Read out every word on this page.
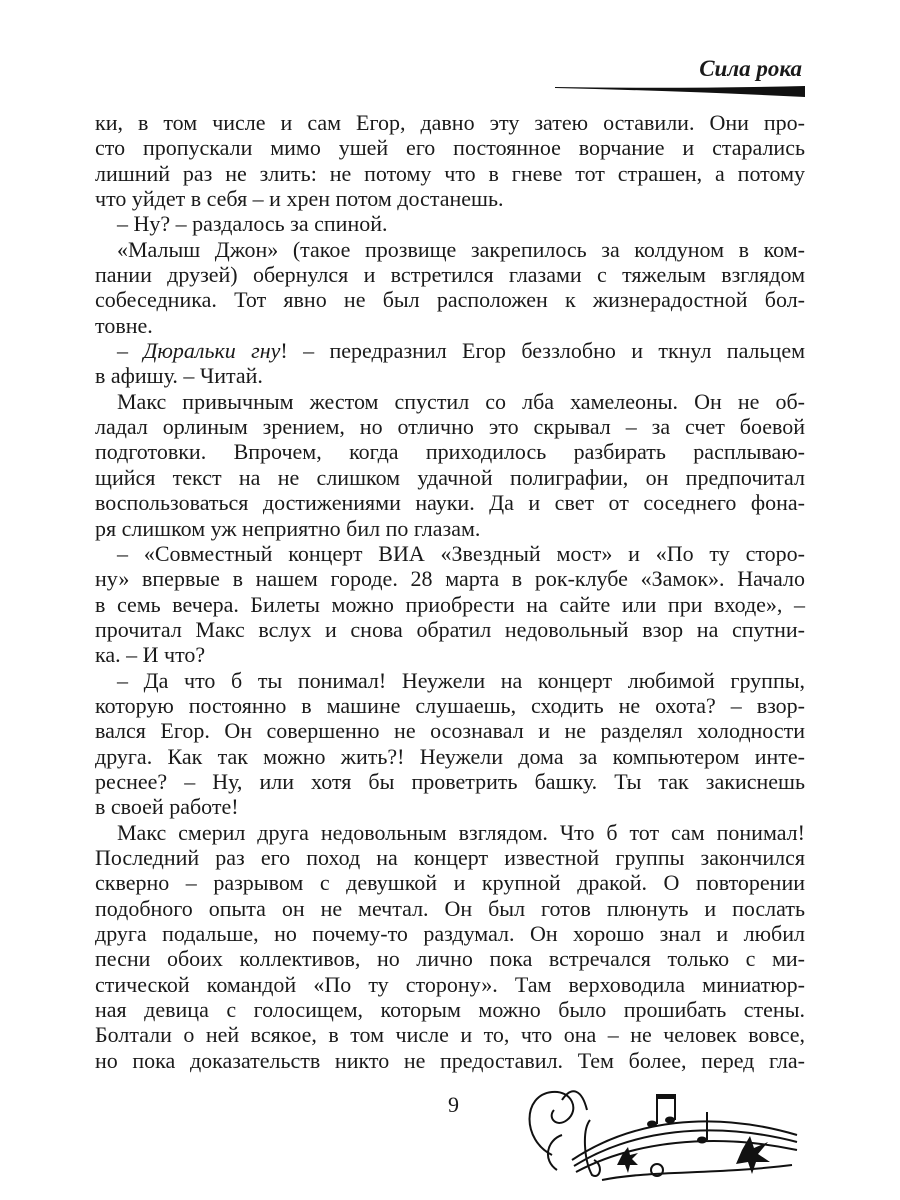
Сила рока
ки, в том числе и сам Егор, давно эту затею оставили. Они про-
сто пропускали мимо ушей его постоянное ворчание и старались
лишний раз не злить: не потому что в гневе тот страшен, а потому
что уйдет в себя – и хрен потом достанешь.
– Ну? – раздалось за спиной.
«Малыш Джон» (такое прозвище закрепилось за колдуном в ком-
пании друзей) обернулся и встретился глазами с тяжелым взглядом
собеседника. Тот явно не был расположен к жизнерадостной бол-
товне.
– Дюральки гну! – передразнил Егор беззлобно и ткнул пальцем
в афишу. – Читай.
Макс привычным жестом спустил со лба хамелеоны. Он не об-
ладал орлиным зрением, но отлично это скрывал – за счет боевой
подготовки. Впрочем, когда приходилось разбирать расплываю-
щийся текст на не слишком удачной полиграфии, он предпочитал
воспользоваться достижениями науки. Да и свет от соседнего фона-
ря слишком уж неприятно бил по глазам.
– «Совместный концерт ВИА «Звездный мост» и «По ту сторо-
ну» впервые в нашем городе. 28 марта в рок-клубе «Замок». Начало
в семь вечера. Билеты можно приобрести на сайте или при входе», –
прочитал Макс вслух и снова обратил недовольный взор на спутни-
ка. – И что?
– Да что б ты понимал! Неужели на концерт любимой группы,
которую постоянно в машине слушаешь, сходить не охота? – взор-
вался Егор. Он совершенно не осознавал и не разделял холодности
друга. Как так можно жить?! Неужели дома за компьютером инте-
реснее? – Ну, или хотя бы проветрить башку. Ты так закиснешь
в своей работе!
Макс смерил друга недовольным взглядом. Что б тот сам понимал!
Последний раз его поход на концерт известной группы закончился
скверно – разрывом с девушкой и крупной дракой. О повторении
подобного опыта он не мечтал. Он был готов плюнуть и послать
друга подальше, но почему-то раздумал. Он хорошо знал и любил
песни обоих коллективов, но лично пока встречался только с ми-
стической командой «По ту сторону». Там верховодила миниатюр-
ная девица с голосищем, которым можно было прошибать стены.
Болтали о ней всякое, в том числе и то, что она – не человек вовсе,
но пока доказательств никто не предоставил. Тем более, перед гла-
9
